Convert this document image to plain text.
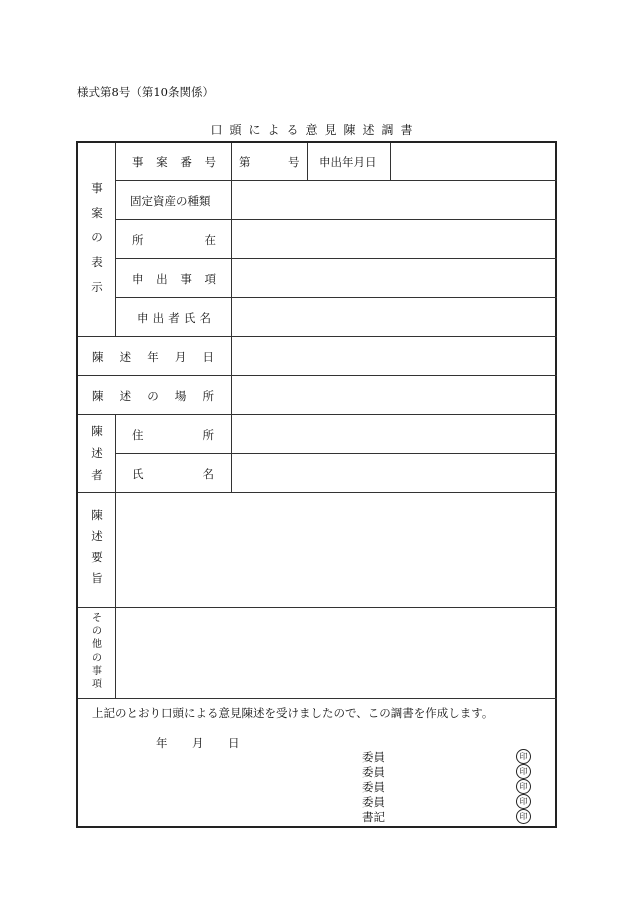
様式第8号（第10条関係）
口頭による意見陳述調書
事
案
の
表
示
事 案 番 号 第	号 申出年月日
固定資産の種類
所	在
申 出 事 項
申 出 者 氏 名
陳 述 年 月 日
陳 述 の 場 所
陳
述
者
住	所
氏	名
陳
述
要
旨
そ
の
他
の
事
項
上記のとおり口頭による意見陳述を受けましたので、この調書を作成します。
年 月 日
委員	印
委員	印
委員	印
委員	印
書記	印
